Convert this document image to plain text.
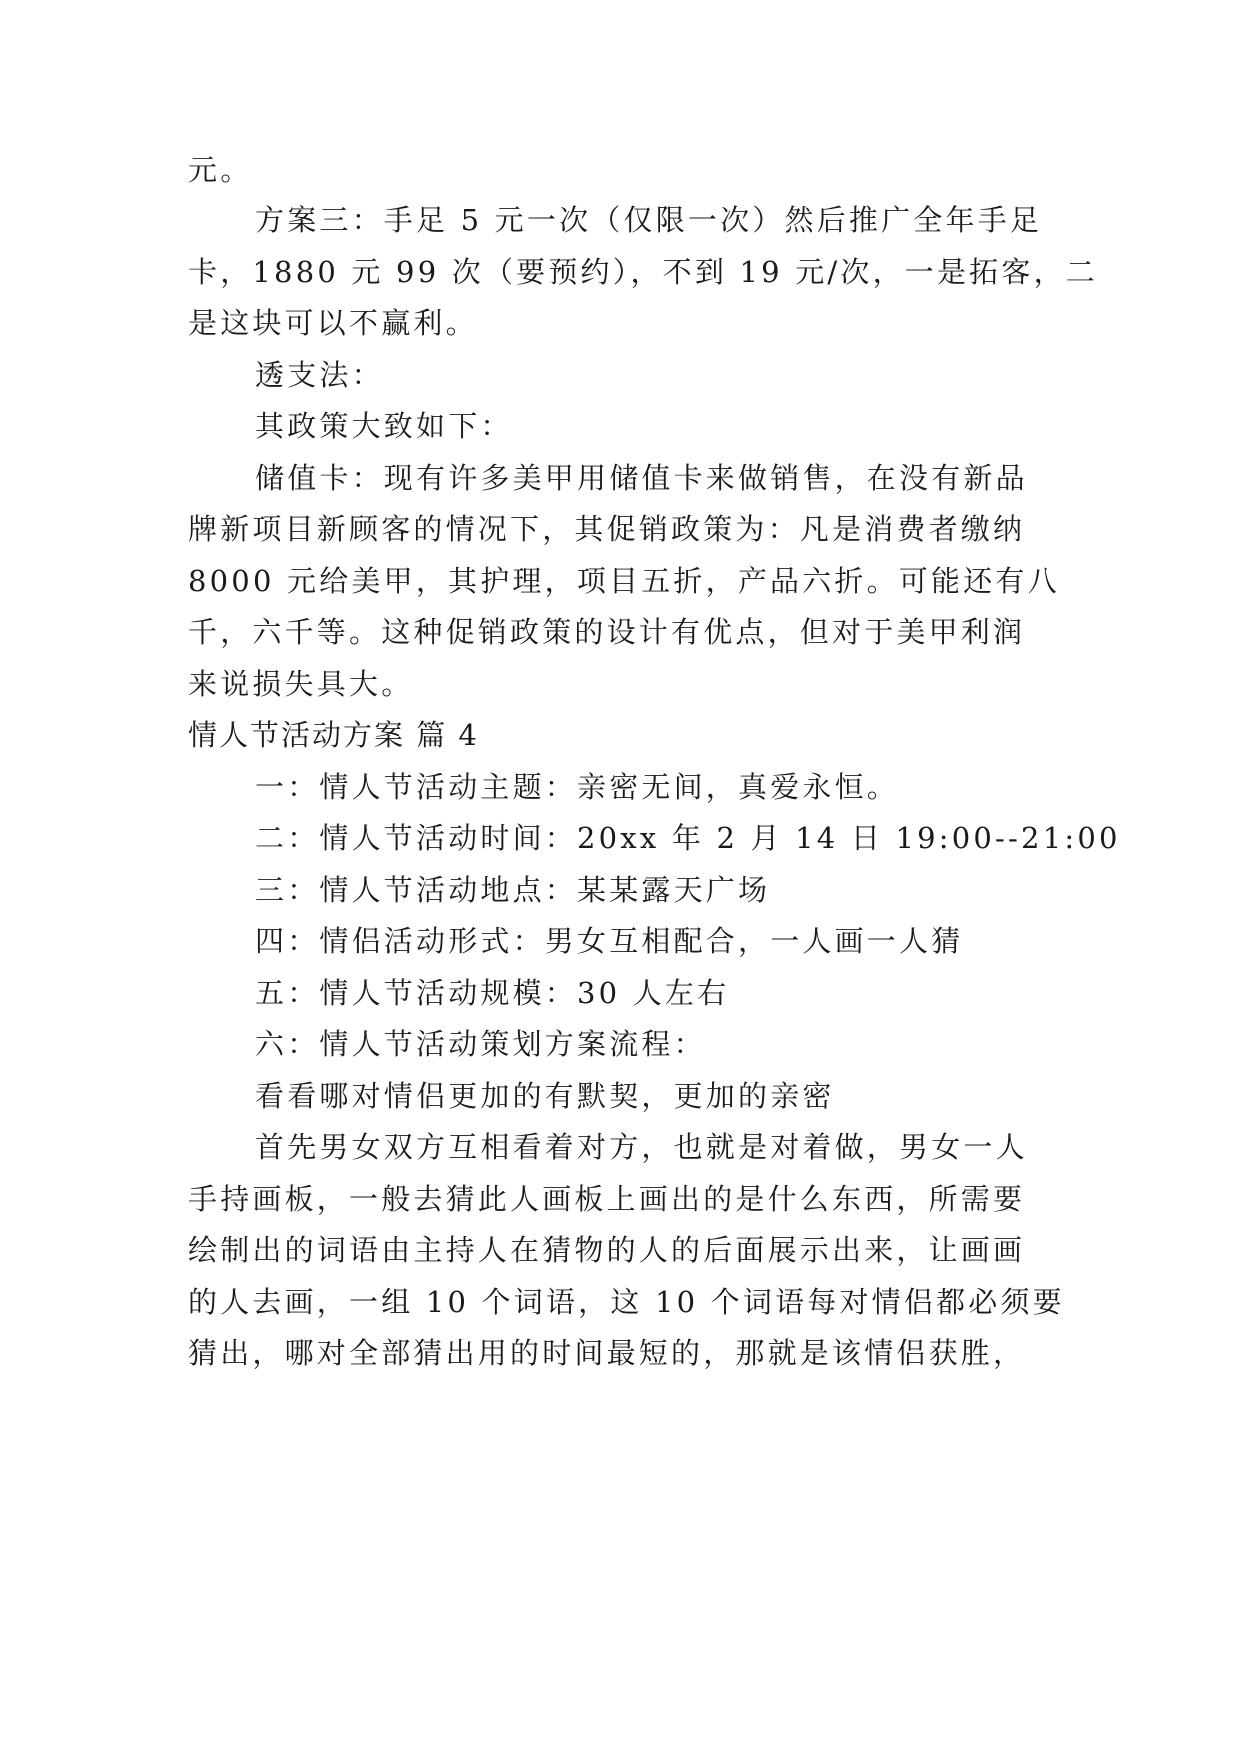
元。
方案三：手足 5 元一次（仅限一次）然后推广全年手足
卡，1880 元 99 次（要预约），不到 19 元/次，一是拓客，二
是这块可以不赢利。
透支法：
其政策大致如下：
储值卡：现有许多美甲用储值卡来做销售，在没有新品
牌新项目新顾客的情况下，其促销政策为：凡是消费者缴纳
8000 元给美甲，其护理，项目五折，产品六折。可能还有八
千，六千等。这种促销政策的设计有优点，但对于美甲利润
来说损失具大。
情人节活动方案 篇 4
一：情人节活动主题：亲密无间，真爱永恒。
二：情人节活动时间：20xx 年 2 月 14 日 19:00--21:00
三：情人节活动地点：某某露天广场
四：情侣活动形式：男女互相配合，一人画一人猜
五：情人节活动规模：30 人左右
六：情人节活动策划方案流程：
看看哪对情侣更加的有默契，更加的亲密
首先男女双方互相看着对方，也就是对着做，男女一人
手持画板，一般去猜此人画板上画出的是什么东西，所需要
绘制出的词语由主持人在猜物的人的后面展示出来，让画画
的人去画，一组 10 个词语，这 10 个词语每对情侣都必须要
猜出，哪对全部猜出用的时间最短的，那就是该情侣获胜，
